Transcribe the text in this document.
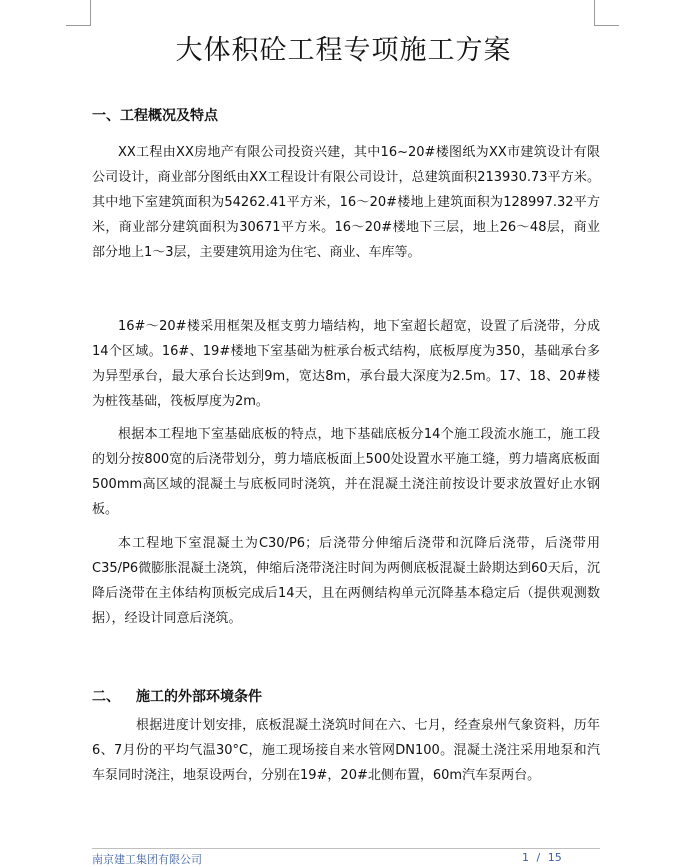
大体积砼工程专项施工方案
一、工程概况及特点

XX工程由XX房地产有限公司投资兴建，其中16~20#楼图纸为XX市建筑设计有限公司设计，商业部分图纸由XX工程设计有限公司设计，总建筑面积213930.73平方米。其中地下室建筑面积为54262.41平方米，16～20#楼地上建筑面积为128997.32平方米，商业部分建筑面积为30671平方米。16～20#楼地下三层，地上26～48层，商业部分地上1～3层，主要建筑用途为住宅、商业、车库等。

16#～20#楼采用框架及框支剪力墙结构，地下室超长超宽，设置了后浇带，分成14个区域。16#、19#楼地下室基础为桩承台板式结构，底板厚度为350，基础承台多为异型承台，最大承台长达到9m，宽达8m，承台最大深度为2.5m。17、18、20#楼为桩筏基础，筏板厚度为2m。

根据本工程地下室基础底板的特点，地下基础底板分14个施工段流水施工，施工段的划分按800宽的后浇带划分，剪力墙底板面上500处设置水平施工缝，剪力墙离底板面500mm高区域的混凝土与底板同时浇筑，并在混凝土浇注前按设计要求放置好止水钢板。

本工程地下室混凝土为C30/P6；后浇带分伸缩后浇带和沉降后浇带，后浇带用C35/P6微膨胀混凝土浇筑，伸缩后浇带浇注时间为两侧底板混凝土龄期达到60天后，沉降后浇带在主体结构顶板完成后14天，且在两侧结构单元沉降基本稳定后（提供观测数据），经设计同意后浇筑。

二、 施工的外部环境条件

根据进度计划安排，底板混凝土浇筑时间在六、七月，经查泉州气象资料，历年6、7月份的平均气温30°C，施工现场接自来水管网DN100。混凝土浇注采用地泵和汽车泵同时浇注，地泵设两台，分别在19#，20#北侧布置，60m汽车泵两台。

南京建工集团有限公司	1 / 15
